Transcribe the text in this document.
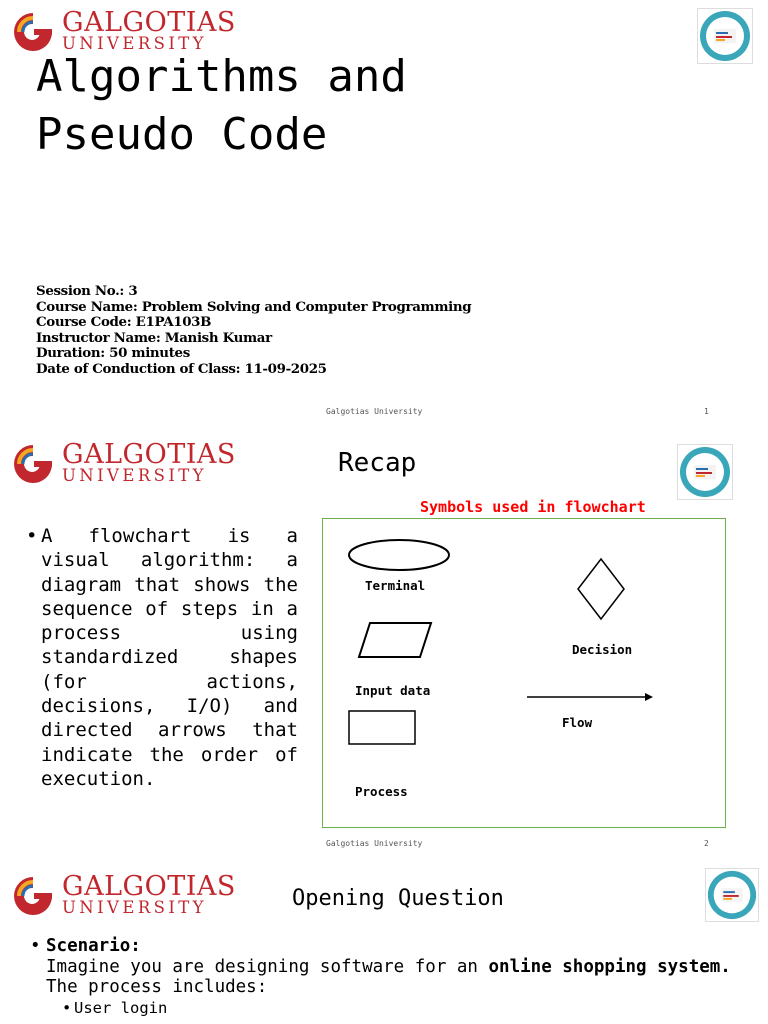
GALGOTIAS
UNIVERSITY
Algorithms and
Pseudo Code
Session No.: 3
Course Name: Problem Solving and Computer Programming
Course Code: E1PA103B
Instructor Name: Manish Kumar
Duration: 50 minutes
Date of Conduction of Class: 11-09-2025
Galgotias University	1
GALGOTIAS
UNIVERSITY	Recap
Symbols used in flowchart
• A flowchart is a visual algorithm: a diagram that shows the sequence of steps in a process using standardized shapes (for actions, decisions, I/O) and directed arrows that indicate the order of execution.
Terminal
Decision
Input data
Flow
Process
Galgotias University	2
GALGOTIAS
UNIVERSITY	Opening Question
• Scenario:
Imagine you are designing software for an online shopping system. The process includes:
• User login
